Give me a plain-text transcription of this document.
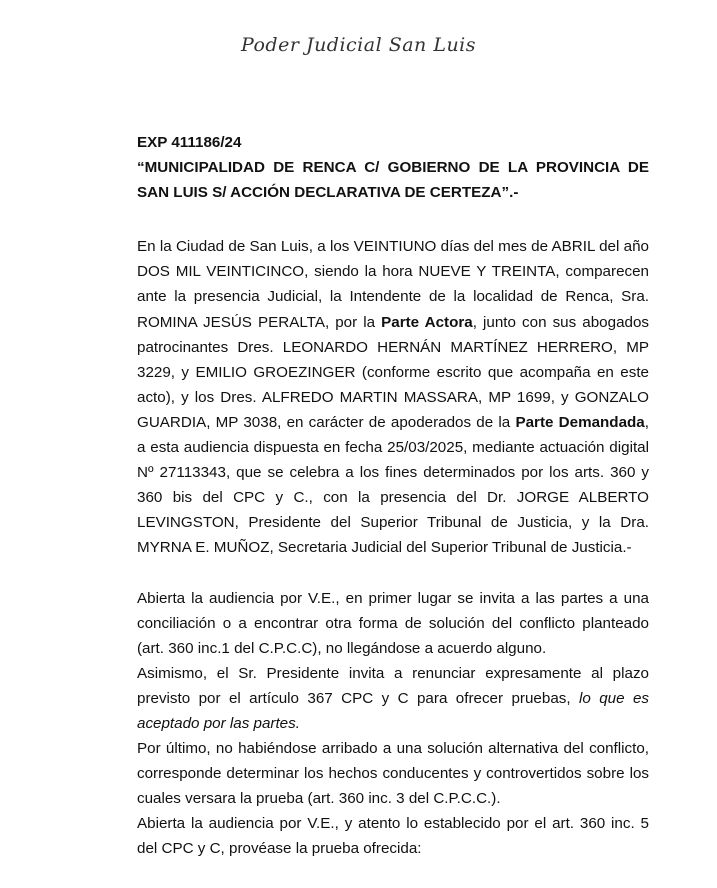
Poder Judicial San Luis

EXP 411186/24

“MUNICIPALIDAD DE RENCA C/ GOBIERNO DE LA PROVINCIA DE SAN LUIS S/ ACCIÓN DECLARATIVA DE CERTEZA”.-

En la Ciudad de San Luis, a los VEINTIUNO días del mes de ABRIL del año DOS MIL VEINTICINCO, siendo la hora NUEVE Y TREINTA, comparecen ante la presencia Judicial, la Intendente de la localidad de Renca, Sra. ROMINA JESÚS PERALTA, por la Parte Actora, junto con sus abogados patrocinantes Dres. LEONARDO HERNÁN MARTÍNEZ HERRERO, MP 3229, y EMILIO GROEZINGER (conforme escrito que acompaña en este acto), y los Dres. ALFREDO MARTIN MASSARA, MP 1699, y GONZALO GUARDIA, MP 3038, en carácter de apoderados de la Parte Demandada, a esta audiencia dispuesta en fecha 25/03/2025, mediante actuación digital Nº 27113343, que se celebra a los fines determinados por los arts. 360 y 360 bis del CPC y C., con la presencia del Dr. JORGE ALBERTO LEVINGSTON, Presidente del Superior Tribunal de Justicia, y la Dra. MYRNA E. MUÑOZ, Secretaria Judicial del Superior Tribunal de Justicia.-

Abierta la audiencia por V.E., en primer lugar se invita a las partes a una conciliación o a encontrar otra forma de solución del conflicto planteado (art. 360 inc.1 del C.P.C.C), no llegándose a acuerdo alguno.

Asimismo, el Sr. Presidente invita a renunciar expresamente al plazo previsto por el artículo 367 CPC y C para ofrecer pruebas, lo que es aceptado por las partes.

Por último, no habiéndose arribado a una solución alternativa del conflicto, corresponde determinar los hechos conducentes y controvertidos sobre los cuales versara la prueba (art. 360 inc. 3 del C.P.C.C.).

Abierta la audiencia por V.E., y atento lo establecido por el art. 360 inc. 5 del CPC y C, provéase la prueba ofrecida:
